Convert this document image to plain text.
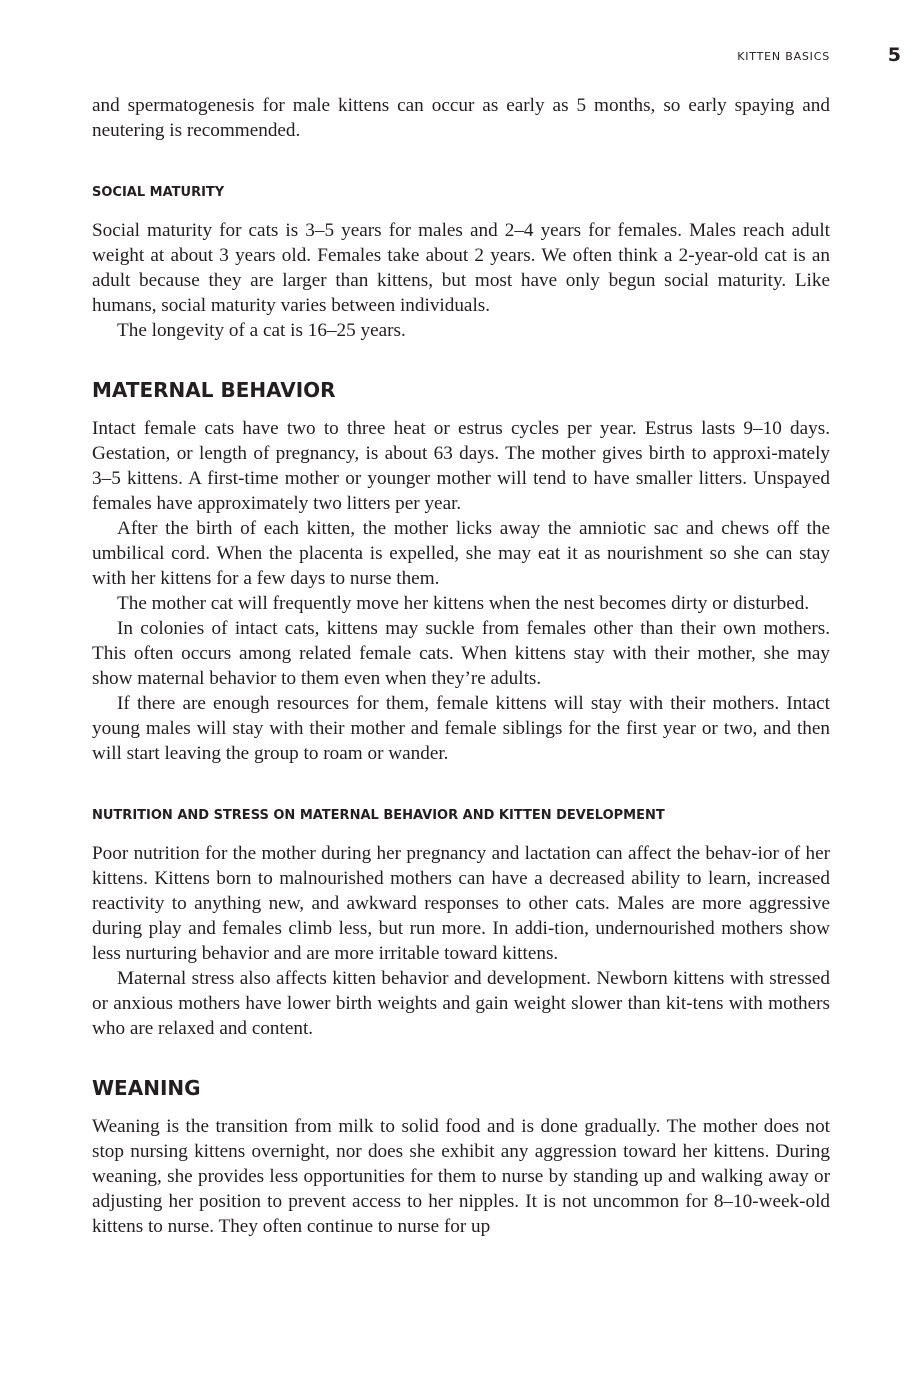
KITTEN BASICS	5

and spermatogenesis for male kittens can occur as early as 5 months, so early spaying and neutering is recommended.

SOCIAL MATURITY

Social maturity for cats is 3–5 years for males and 2–4 years for females. Males reach adult weight at about 3 years old. Females take about 2 years. We often think a 2-year-old cat is an adult because they are larger than kittens, but most have only begun social maturity. Like humans, social maturity varies between individuals.

The longevity of a cat is 16–25 years.

MATERNAL BEHAVIOR

Intact female cats have two to three heat or estrus cycles per year. Estrus lasts 9–10 days. Gestation, or length of pregnancy, is about 63 days. The mother gives birth to approxi-mately 3–5 kittens. A first-time mother or younger mother will tend to have smaller litters. Unspayed females have approximately two litters per year.

After the birth of each kitten, the mother licks away the amniotic sac and chews off the umbilical cord. When the placenta is expelled, she may eat it as nourishment so she can stay with her kittens for a few days to nurse them.

The mother cat will frequently move her kittens when the nest becomes dirty or disturbed.

In colonies of intact cats, kittens may suckle from females other than their own mothers. This often occurs among related female cats. When kittens stay with their mother, she may show maternal behavior to them even when they’re adults.

If there are enough resources for them, female kittens will stay with their mothers. Intact young males will stay with their mother and female siblings for the first year or two, and then will start leaving the group to roam or wander.

NUTRITION AND STRESS ON MATERNAL BEHAVIOR AND KITTEN DEVELOPMENT

Poor nutrition for the mother during her pregnancy and lactation can affect the behav-ior of her kittens. Kittens born to malnourished mothers can have a decreased ability to learn, increased reactivity to anything new, and awkward responses to other cats. Males are more aggressive during play and females climb less, but run more. In addi-tion, undernourished mothers show less nurturing behavior and are more irritable toward kittens.

Maternal stress also affects kitten behavior and development. Newborn kittens with stressed or anxious mothers have lower birth weights and gain weight slower than kit-tens with mothers who are relaxed and content.

WEANING

Weaning is the transition from milk to solid food and is done gradually. The mother does not stop nursing kittens overnight, nor does she exhibit any aggression toward her kittens. During weaning, she provides less opportunities for them to nurse by standing up and walking away or adjusting her position to prevent access to her nipples. It is not uncommon for 8–10-week-old kittens to nurse. They often continue to nurse for up
